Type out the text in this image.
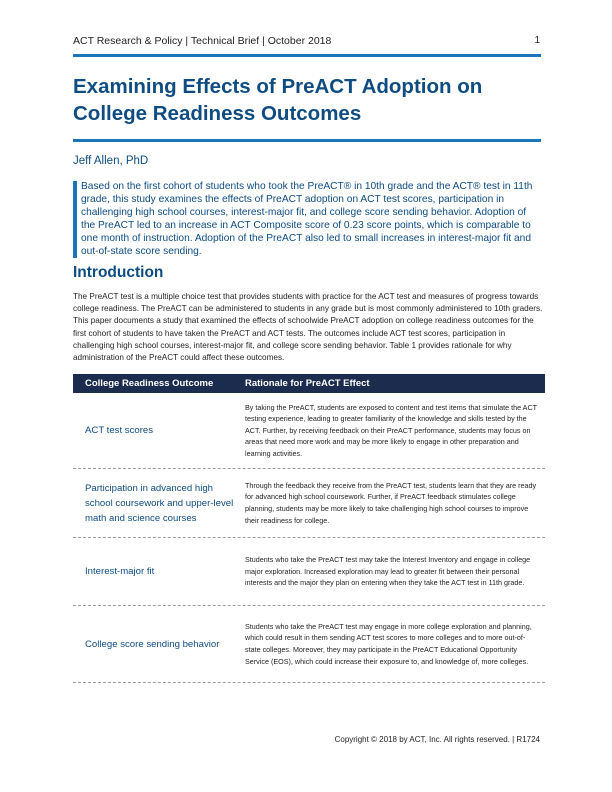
ACT Research & Policy | Technical Brief | October 2018	1
Examining Effects of PreACT Adoption on College Readiness Outcomes
Jeff Allen, PhD

Based on the first cohort of students who took the PreACT® in 10th grade and the ACT® test in 11th grade, this study examines the effects of PreACT adoption on ACT test scores, participation in challenging high school courses, interest-major fit, and college score sending behavior. Adoption of the PreACT led to an increase in ACT Composite score of 0.23 score points, which is comparable to one month of instruction. Adoption of the PreACT also led to small increases in interest-major fit and out-of-state score sending.

Introduction

The PreACT test is a multiple choice test that provides students with practice for the ACT test and measures of progress towards college readiness. The PreACT can be administered to students in any grade but is most commonly administered to 10th graders. This paper documents a study that examined the effects of schoolwide PreACT adoption on college readiness outcomes for the first cohort of students to have taken the PreACT and ACT tests. The outcomes include ACT test scores, participation in challenging high school courses, interest-major fit, and college score sending behavior. Table 1 provides rationale for why administration of the PreACT could affect these outcomes.

College Readiness Outcome	Rationale for PreACT Effect
ACT test scores
By taking the PreACT, students are exposed to content and test items that simulate the ACT testing experience, leading to greater familiarity of the knowledge and skills tested by the ACT. Further, by receiving feedback on their PreACT performance, students may focus on areas that need more work and may be more likely to engage in other preparation and learning activities.
Participation in advanced high school coursework and upper-level math and science courses
Through the feedback they receive from the PreACT test, students learn that they are ready for advanced high school coursework. Further, if PreACT feedback stimulates college planning, students may be more likely to take challenging high school courses to improve their readiness for college.
Interest-major fit
Students who take the PreACT test may take the Interest Inventory and engage in college major exploration. Increased exploration may lead to greater fit between their personal interests and the major they plan on entering when they take the ACT test in 11th grade.
College score sending behavior
Students who take the PreACT test may engage in more college exploration and planning, which could result in them sending ACT test scores to more colleges and to more out-of-state colleges. Moreover, they may participate in the PreACT Educational Opportunity Service (EOS), which could increase their exposure to, and knowledge of, more colleges.
Copyright © 2018 by ACT, Inc. All rights reserved. | R1724
